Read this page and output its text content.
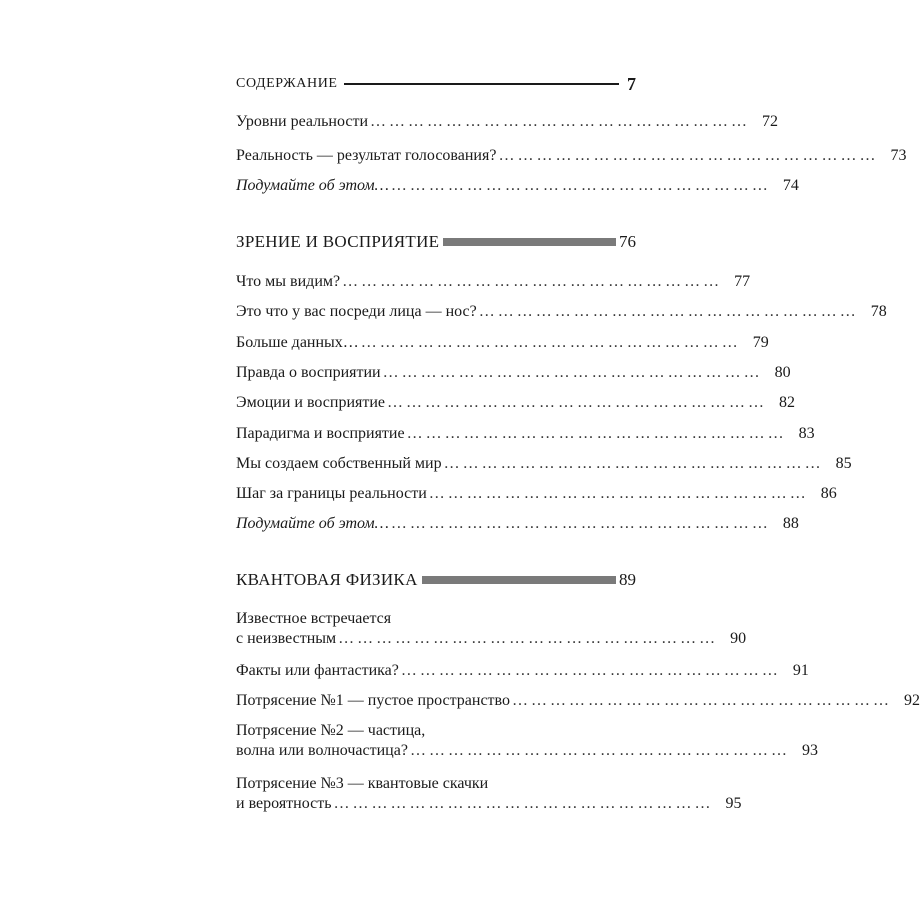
СОДЕРЖАНИЕ	7
Уровни реальности …………………………………………………… 72
Реальность — результат голосования? …………………………………………………… 73
Подумайте об этом… …………………………………………………… 74
ЗРЕНИЕ И ВОСПРИЯТИЕ	76
Что мы видим? …………………………………………………… 77
Это что у вас посреди лица — нос? …………………………………………………… 78
Больше данных… …………………………………………………… 79
Правда о восприятии …………………………………………………… 80
Эмоции и восприятие …………………………………………………… 82
Парадигма и восприятие …………………………………………………… 83
Мы создаем собственный мир …………………………………………………… 85
Шаг за границы реальности …………………………………………………… 86
Подумайте об этом… …………………………………………………… 88
КВАНТОВАЯ ФИЗИКА	89
Известное встречается
с неизвестным …………………………………………………… 90
Факты или фантастика? …………………………………………………… 91
Потрясение №1 — пустое пространство …………………………………………………… 92
Потрясение №2 — частица,
волна или волночастица? …………………………………………………… 93
Потрясение №3 — квантовые скачки
и вероятность …………………………………………………… 95
